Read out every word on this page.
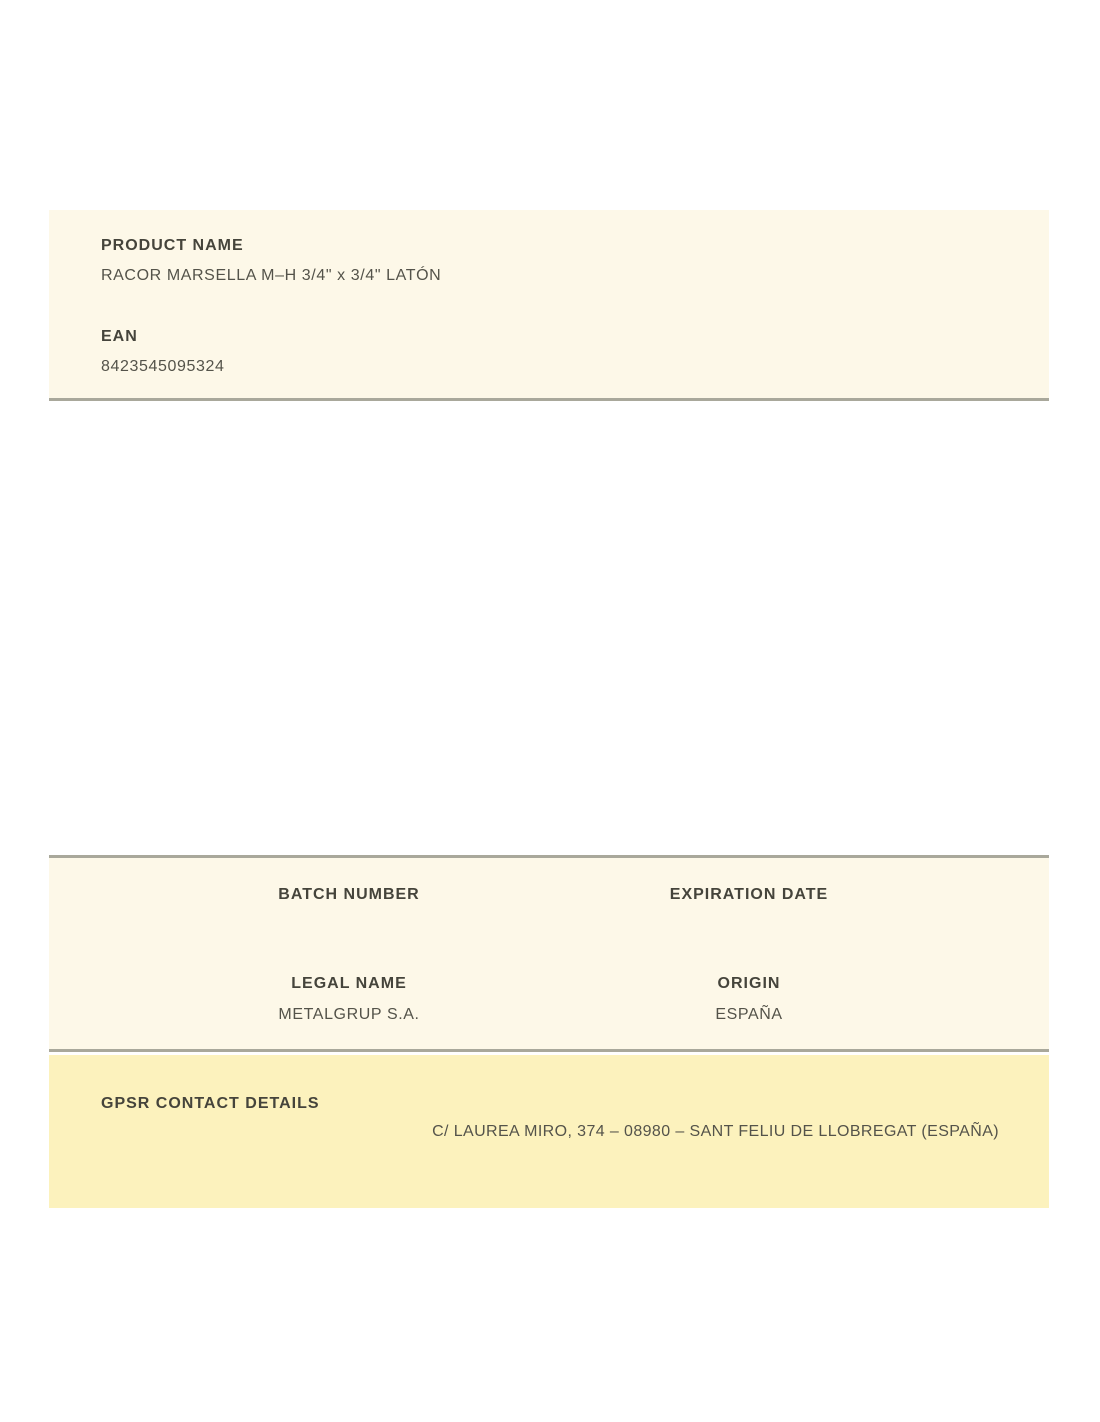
PRODUCT NAME
RACOR MARSELLA M–H 3/4" x 3/4" LATÓN
EAN
8423545095324
BATCH NUMBER	EXPIRATION DATE
LEGAL NAME	ORIGIN
METALGRUP S.A.	ESPAÑA
GPSR CONTACT DETAILS
C/ LAUREA MIRO, 374 – 08980 – SANT FELIU DE LLOBREGAT (ESPAÑA)
